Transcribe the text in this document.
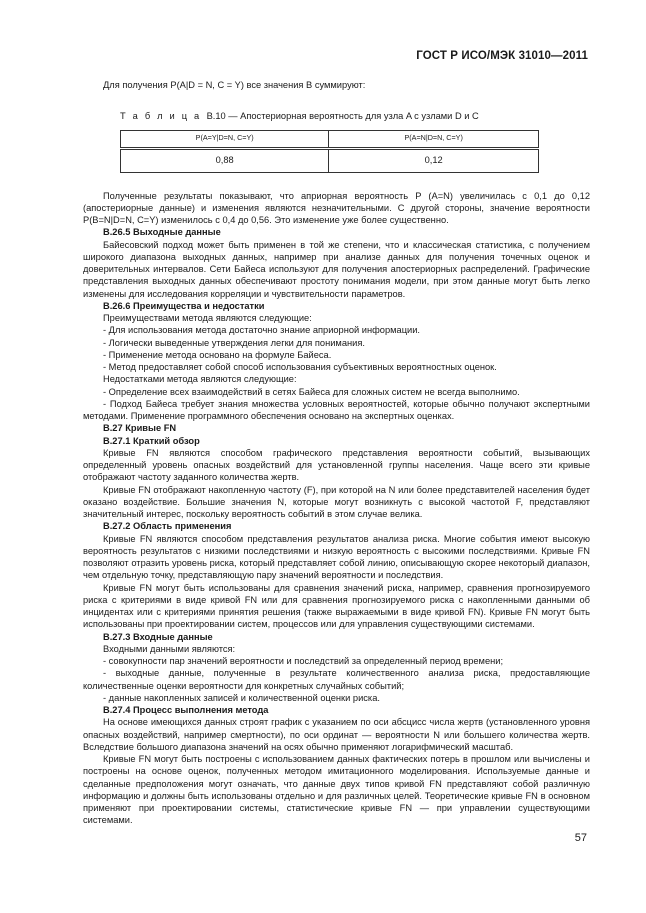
ГОСТ Р ИСО/МЭК 31010—2011

Для получения P(A|D = N, C = Y) все значения B суммируют:

Т а б л и ц а B.10 — Апостериорная вероятность для узла A с узлами D и C

P(A=Y|D=N, C=Y)	P(A=N|D=N, C=Y)
0,88	0,12

Полученные результаты показывают, что априорная вероятность P (A=N) увеличилась с 0,1 до 0,12 (апостериорные данные) и изменения являются незначительными. С другой стороны, значение вероятности P(B=N|D=N, C=Y) изменилось с 0,4 до 0,56. Это изменение уже более существенно.

B.26.5 Выходные данные

Байесовский подход может быть применен в той же степени, что и классическая статистика, с получением широкого диапазона выходных данных, например при анализе данных для получения точечных оценок и доверительных интервалов. Сети Байеса используют для получения апостериорных распределений. Графические представления выходных данных обеспечивают простоту понимания модели, при этом данные могут быть легко изменены для исследования корреляции и чувствительности параметров.

B.26.6 Преимущества и недостатки

Преимуществами метода являются следующие:

- Для использования метода достаточно знание априорной информации.

- Логически выведенные утверждения легки для понимания.

- Применение метода основано на формуле Байеса.

- Метод предоставляет собой способ использования субъективных вероятностных оценок.

Недостатками метода являются следующие:

- Определение всех взаимодействий в сетях Байеса для сложных систем не всегда выполнимо.

- Подход Байеса требует знания множества условных вероятностей, которые обычно получают экспертными методами. Применение программного обеспечения основано на экспертных оценках.

B.27 Кривые FN

B.27.1 Краткий обзор

Кривые FN являются способом графического представления вероятности событий, вызывающих определенный уровень опасных воздействий для установленной группы населения. Чаще всего эти кривые отображают частоту заданного количества жертв.

Кривые FN отображают накопленную частоту (F), при которой на N или более представителей населения будет оказано воздействие. Большие значения N, которые могут возникнуть с высокой частотой F, представляют значительный интерес, поскольку вероятность событий в этом случае велика.

B.27.2 Область применения

Кривые FN являются способом представления результатов анализа риска. Многие события имеют высокую вероятность результатов с низкими последствиями и низкую вероятность с высокими последствиями. Кривые FN позволяют отразить уровень риска, который представляет собой линию, описывающую скорее некоторый диапазон, чем отдельную точку, представляющую пару значений вероятности и последствия.

Кривые FN могут быть использованы для сравнения значений риска, например, сравнения прогнозируемого риска с критериями в виде кривой FN или для сравнения прогнозируемого риска с накопленными данными об инцидентах или с критериями принятия решения (также выражаемыми в виде кривой FN). Кривые FN могут быть использованы при проектировании систем, процессов или для управления существующими системами.

B.27.3 Входные данные

Входными данными являются:

- совокупности пар значений вероятности и последствий за определенный период времени;

- выходные данные, полученные в результате количественного анализа риска, предоставляющие количественные оценки вероятности для конкретных случайных событий;

- данные накопленных записей и количественной оценки риска.

B.27.4 Процесс выполнения метода

На основе имеющихся данных строят график с указанием по оси абсцисс числа жертв (установленного уровня опасных воздействий, например смертности), по оси ординат — вероятности N или большего количества жертв. Вследствие большого диапазона значений на осях обычно применяют логарифмический масштаб.

Кривые FN могут быть построены с использованием данных фактических потерь в прошлом или вычислены и построены на основе оценок, полученных методом имитационного моделирования. Используемые данные и сделанные предположения могут означать, что данные двух типов кривой FN представляют собой различную информацию и должны быть использованы отдельно и для различных целей. Теоретические кривые FN в основном применяют при проектировании системы, статистические кривые FN — при управлении существующими системами.

57
